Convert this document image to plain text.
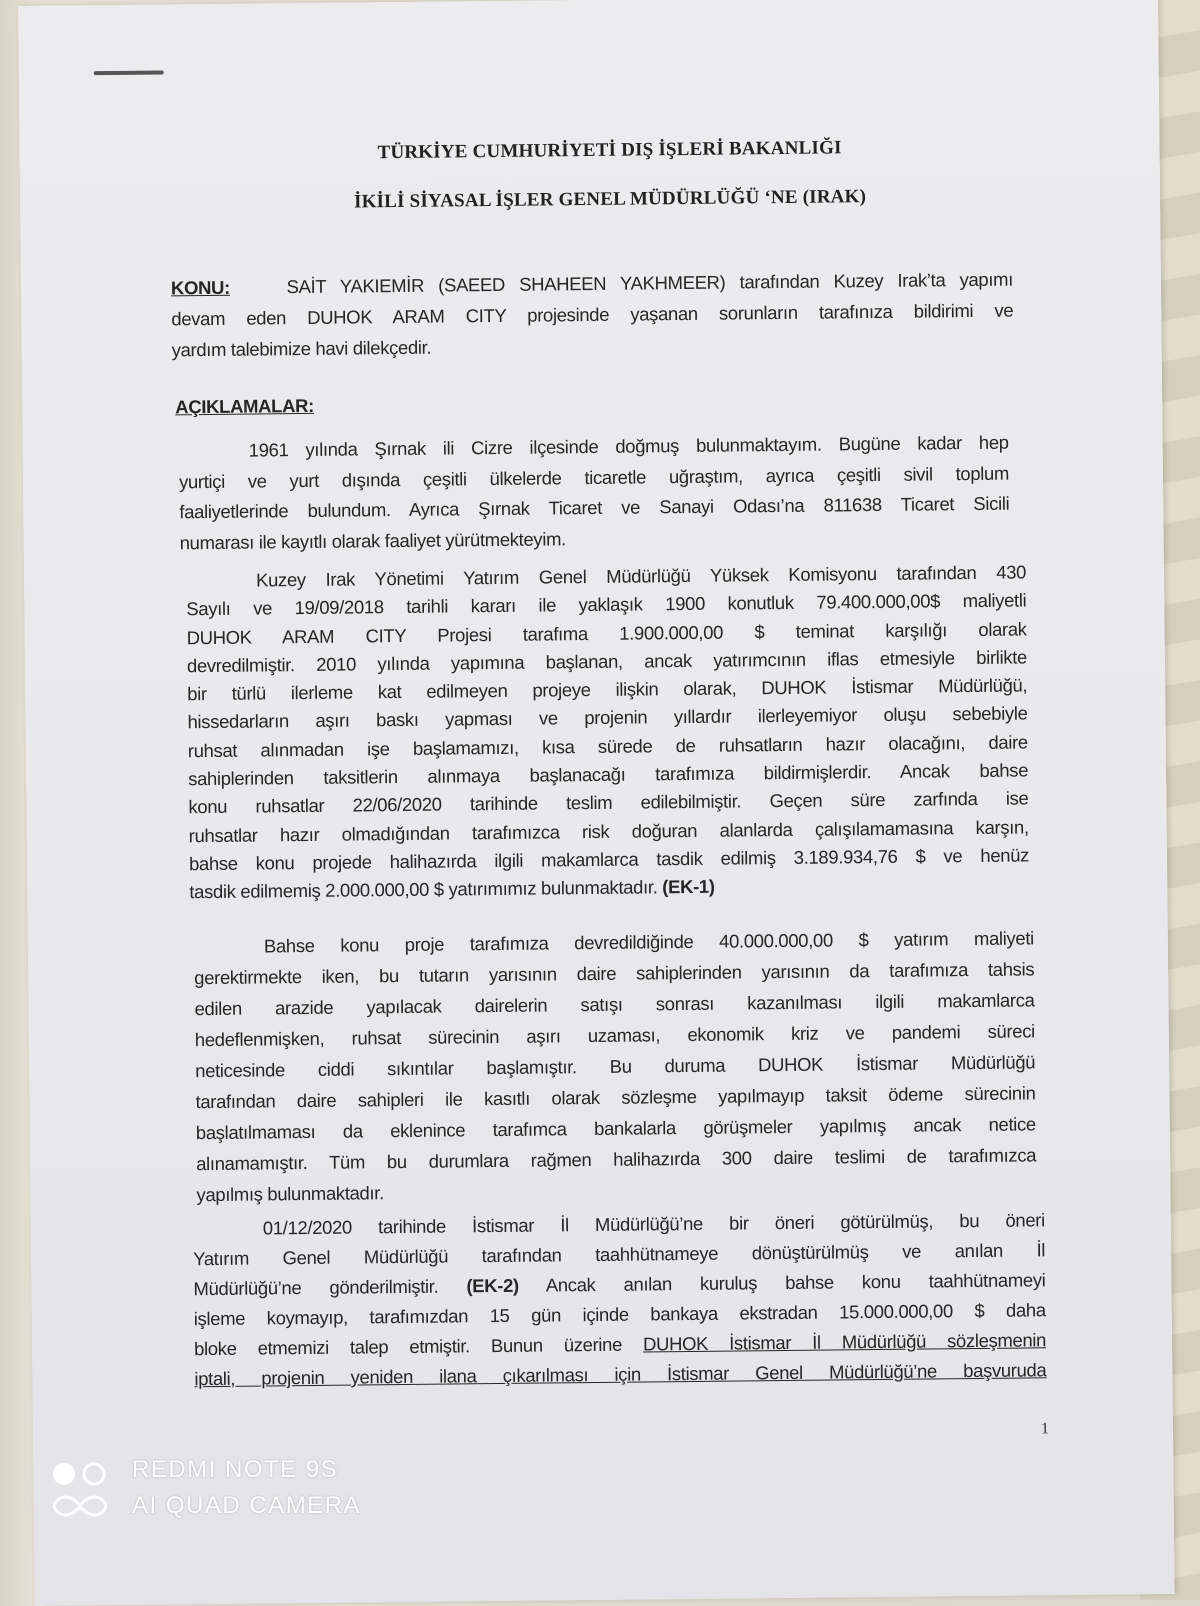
TÜRKİYE CUMHURİYETİ DIŞ İŞLERİ BAKANLIĞI
İKİLİ SİYASAL İŞLER GENEL MÜDÜRLÜĞÜ ‘NE (IRAK)
KONU:	SAİT YAKIEMİR (SAEED SHAHEEN YAKHMEER) tarafından Kuzey Irak’ta yapımı
devam eden DUHOK ARAM CITY projesinde yaşanan sorunların tarafınıza bildirimi ve
yardım talebimize havi dilekçedir.
AÇIKLAMALAR:
1961 yılında Şırnak ili Cizre ilçesinde doğmuş bulunmaktayım. Bugüne kadar hep
yurtiçi ve yurt dışında çeşitli ülkelerde ticaretle uğraştım, ayrıca çeşitli sivil toplum
faaliyetlerinde bulundum. Ayrıca Şırnak Ticaret ve Sanayi Odası’na 811638 Ticaret Sicili
numarası ile kayıtlı olarak faaliyet yürütmekteyim.
Kuzey Irak Yönetimi Yatırım Genel Müdürlüğü Yüksek Komisyonu tarafından 430
Sayılı ve 19/09/2018 tarihli kararı ile yaklaşık 1900 konutluk 79.400.000,00$ maliyetli
DUHOK ARAM CITY Projesi tarafıma 1.900.000,00 $ teminat karşılığı olarak
devredilmiştir. 2010 yılında yapımına başlanan, ancak yatırımcının iflas etmesiyle birlikte
bir türlü ilerleme kat edilmeyen projeye ilişkin olarak, DUHOK İstismar Müdürlüğü,
hissedarların aşırı baskı yapması ve projenin yıllardır ilerleyemiyor oluşu sebebiyle
ruhsat alınmadan işe başlamamızı, kısa sürede de ruhsatların hazır olacağını, daire
sahiplerinden taksitlerin alınmaya başlanacağı tarafımıza bildirmişlerdir. Ancak bahse
konu ruhsatlar 22/06/2020 tarihinde teslim edilebilmiştir. Geçen süre zarfında ise
ruhsatlar hazır olmadığından tarafımızca risk doğuran alanlarda çalışılamamasına karşın,
bahse konu projede halihazırda ilgili makamlarca tasdik edilmiş 3.189.934,76 $ ve henüz
tasdik edilmemiş 2.000.000,00 $ yatırımımız bulunmaktadır. (EK-1)
Bahse konu proje tarafımıza devredildiğinde 40.000.000,00 $ yatırım maliyeti
gerektirmekte iken, bu tutarın yarısının daire sahiplerinden yarısının da tarafımıza tahsis
edilen arazide yapılacak dairelerin satışı sonrası kazanılması ilgili makamlarca
hedeflenmişken, ruhsat sürecinin aşırı uzaması, ekonomik kriz ve pandemi süreci
neticesinde ciddi sıkıntılar başlamıştır. Bu duruma DUHOK İstismar Müdürlüğü
tarafından daire sahipleri ile kasıtlı olarak sözleşme yapılmayıp taksit ödeme sürecinin
başlatılmaması da eklenince tarafımca bankalarla görüşmeler yapılmış ancak netice
alınamamıştır. Tüm bu durumlara rağmen halihazırda 300 daire teslimi de tarafımızca
yapılmış bulunmaktadır.
01/12/2020 tarihinde İstismar İl Müdürlüğü’ne bir öneri götürülmüş, bu öneri
Yatırım Genel Müdürlüğü tarafından taahhütnameye dönüştürülmüş ve anılan İl
Müdürlüğü’ne gönderilmiştir. (EK-2) Ancak anılan kuruluş bahse konu taahhütnameyi
işleme koymayıp, tarafımızdan 15 gün içinde bankaya ekstradan 15.000.000,00 $ daha
bloke etmemizi talep etmiştir. Bunun üzerine DUHOK İstismar İl Müdürlüğü sözleşmenin
iptali, projenin yeniden ilana çıkarılması için İstismar Genel Müdürlüğü’ne başvuruda
1
REDMI NOTE 9S
AI QUAD CAMERA
